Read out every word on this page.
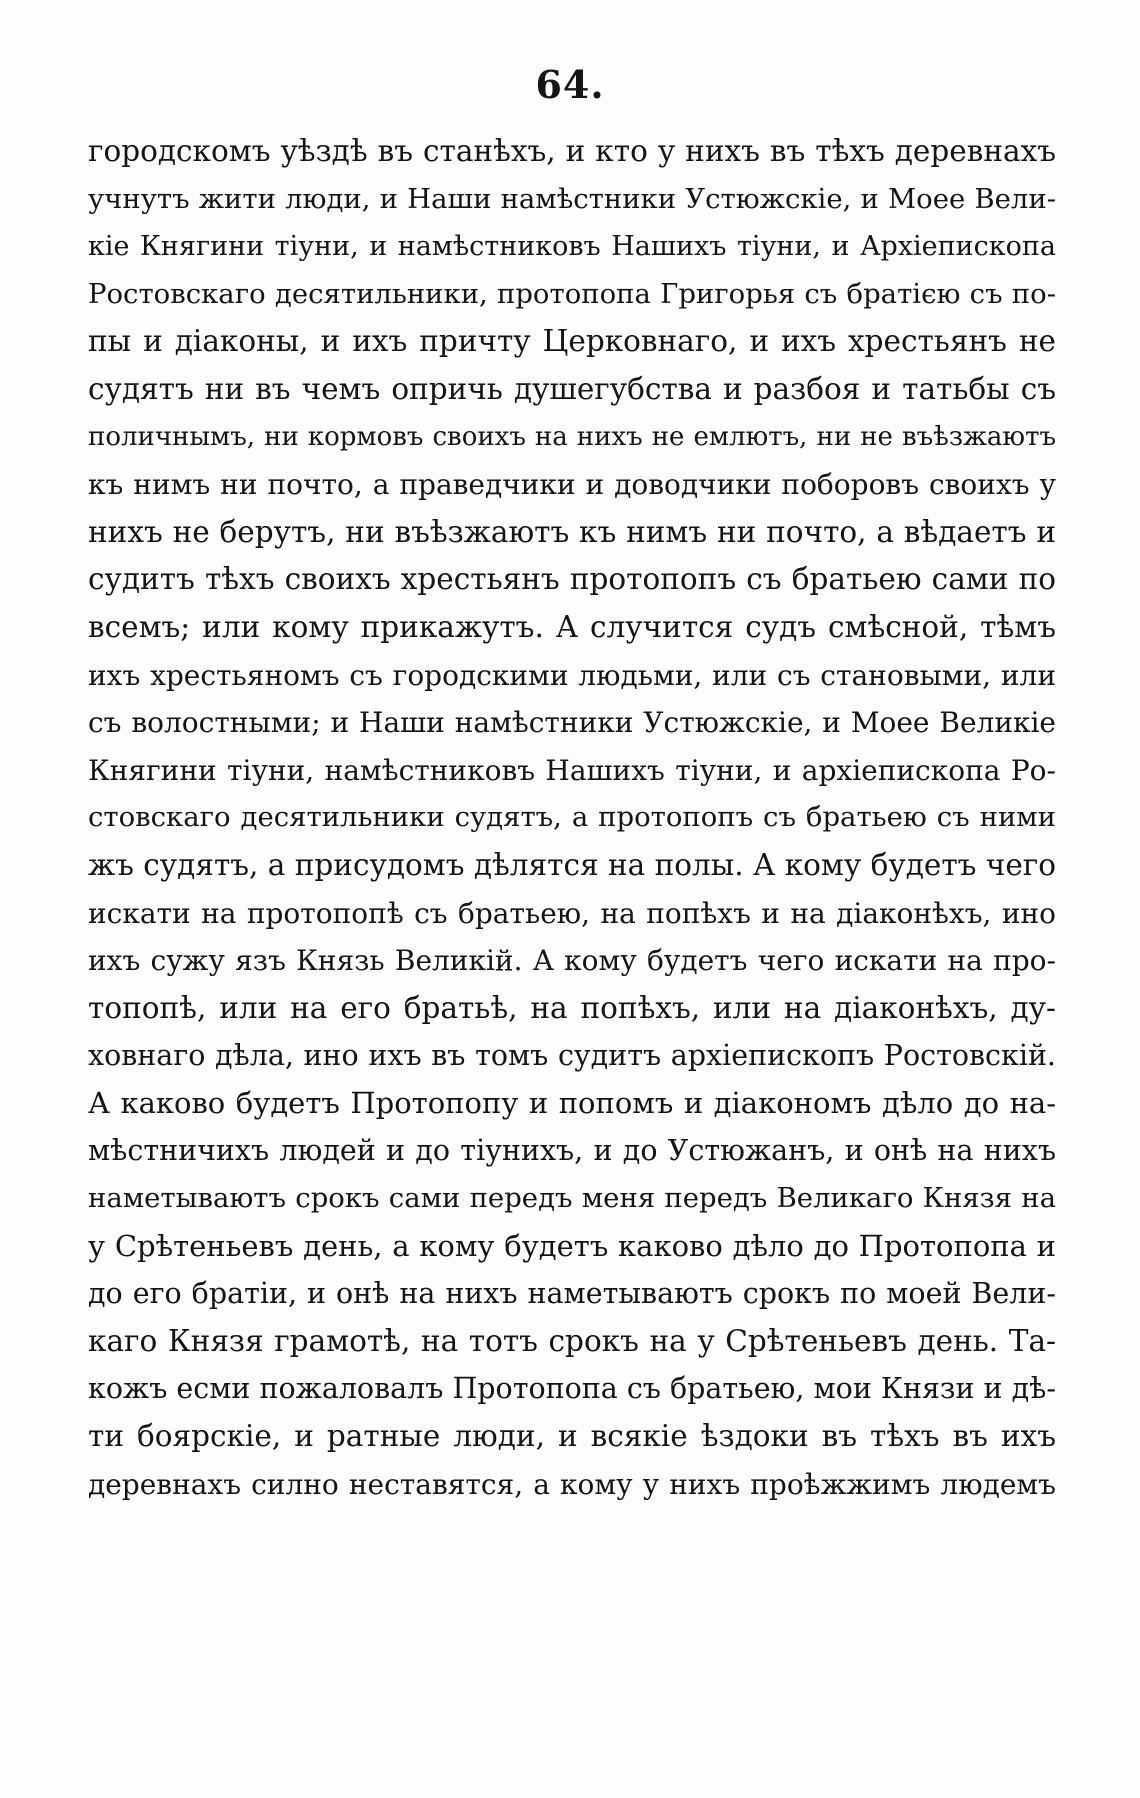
64.
городскомъ уѣздѣ въ станѣхъ, и кто у нихъ въ тѣхъ деревнахъ
учнутъ жити люди, и Наши намѣстники Устюжскіе, и Моее Вели-
кіе Княгини тіуни, и намѣстниковъ Нашихъ тіуни, и Архіепископа
Ростовскаго десятильники, протопопа Григорья съ братією съ по-
пы и діаконы, и ихъ причту Церковнаго, и ихъ хрестьянъ не
судятъ ни въ чемъ опричь душегубства и разбоя и татьбы съ
поличнымъ, ни кормовъ своихъ на нихъ не емлютъ, ни не въѣзжаютъ
къ нимъ ни почто, а праведчики и доводчики поборовъ своихъ у
нихъ не берутъ, ни въѣзжаютъ къ нимъ ни почто, а вѣдаетъ и
судитъ тѣхъ своихъ хрестьянъ протопопъ съ братьею сами по
всемъ; или кому прикажутъ. А случится судъ смѣсной, тѣмъ
ихъ хрестьяномъ съ городскими людьми, или съ становыми, или
съ волостными; и Наши намѣстники Устюжскіе, и Моее Великіе
Княгини тіуни, намѣстниковъ Нашихъ тіуни, и архіепископа Ро-
стовскаго десятильники судятъ, а протопопъ съ братьею съ ними
жъ судятъ, а присудомъ дѣлятся на полы. А кому будетъ чего
искати на протопопѣ съ братьею, на попѣхъ и на діаконѣхъ, ино
ихъ сужу язъ Князь Великій. А кому будетъ чего искати на про-
топопѣ, или на его братьѣ, на попѣхъ, или на діаконѣхъ, ду-
ховнаго дѣла, ино ихъ въ томъ судитъ архіепископъ Ростовскій.
А каково будетъ Протопопу и попомъ и діакономъ дѣло до на-
мѣстничихъ людей и до тіунихъ, и до Устюжанъ, и онѣ на нихъ
наметываютъ срокъ сами передъ меня передъ Великаго Князя на
у Срѣтеньевъ день, а кому будетъ каково дѣло до Протопопа и
до его братіи, и онѣ на нихъ наметываютъ срокъ по моей Вели-
каго Князя грамотѣ, на тотъ срокъ на у Срѣтеньевъ день. Та-
кожъ есми пожаловалъ Протопопа съ братьею, мои Князи и дѣ-
ти боярскіе, и ратные люди, и всякіе ѣздоки въ тѣхъ въ ихъ
деревнахъ силно неставятся, а кому у нихъ проѣжжимъ людемъ
